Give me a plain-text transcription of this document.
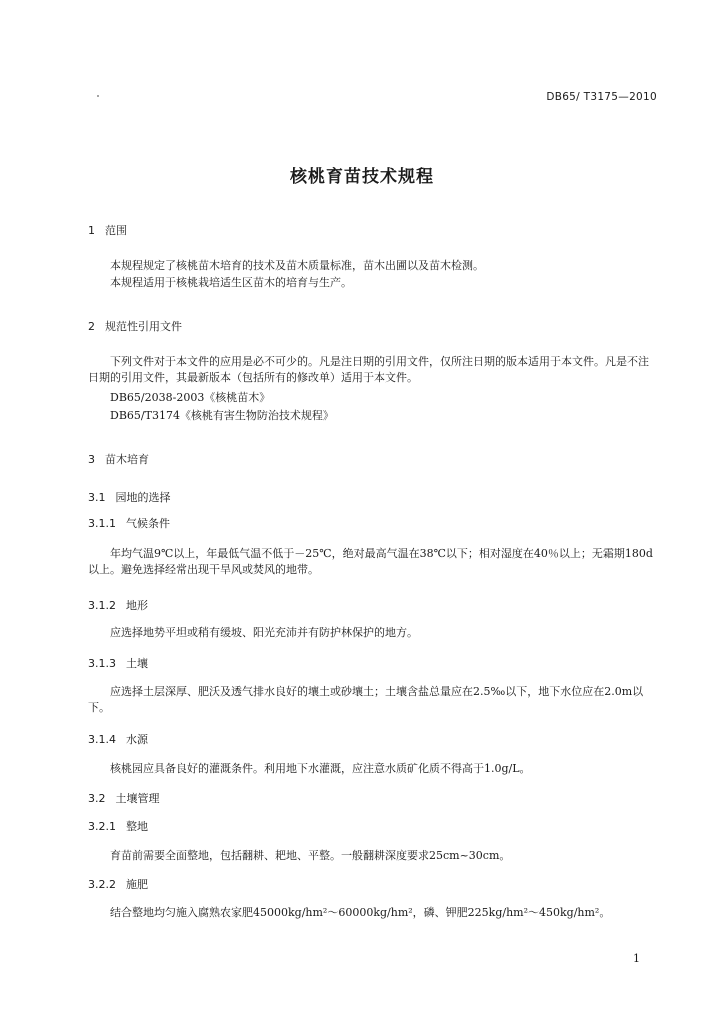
DB65/ T3175—2010
核桃育苗技术规程
1 范围
本规程规定了核桃苗木培育的技术及苗木质量标准，苗木出圃以及苗木检测。
本规程适用于核桃栽培适生区苗木的培育与生产。
2 规范性引用文件
下列文件对于本文件的应用是必不可少的。凡是注日期的引用文件，仅所注日期的版本适用于本文件。凡是不注日期的引用文件，其最新版本（包括所有的修改单）适用于本文件。
DB65/2038-2003《核桃苗木》
DB65/T3174《核桃有害生物防治技术规程》
3 苗木培育
3.1 园地的选择
3.1.1 气候条件
年均气温9℃以上，年最低气温不低于－25℃，绝对最高气温在38℃以下；相对湿度在40％以上；无霜期180d以上。避免选择经常出现干旱风或焚风的地带。
3.1.2 地形
应选择地势平坦或稍有缓坡、阳光充沛并有防护林保护的地方。
3.1.3 土壤
应选择土层深厚、肥沃及透气排水良好的壤土或砂壤土；土壤含盐总量应在2.5‰以下，地下水位应在2.0m以下。
3.1.4 水源
核桃园应具备良好的灌溉条件。利用地下水灌溉，应注意水质矿化质不得高于1.0g/L。
3.2 土壤管理
3.2.1 整地
育苗前需要全面整地，包括翻耕、耙地、平整。一般翻耕深度要求25cm~30cm。
3.2.2 施肥
结合整地均匀施入腐熟农家肥45000kg/hm²～60000kg/hm²，磷、钾肥225kg/hm²～450kg/hm²。
1
